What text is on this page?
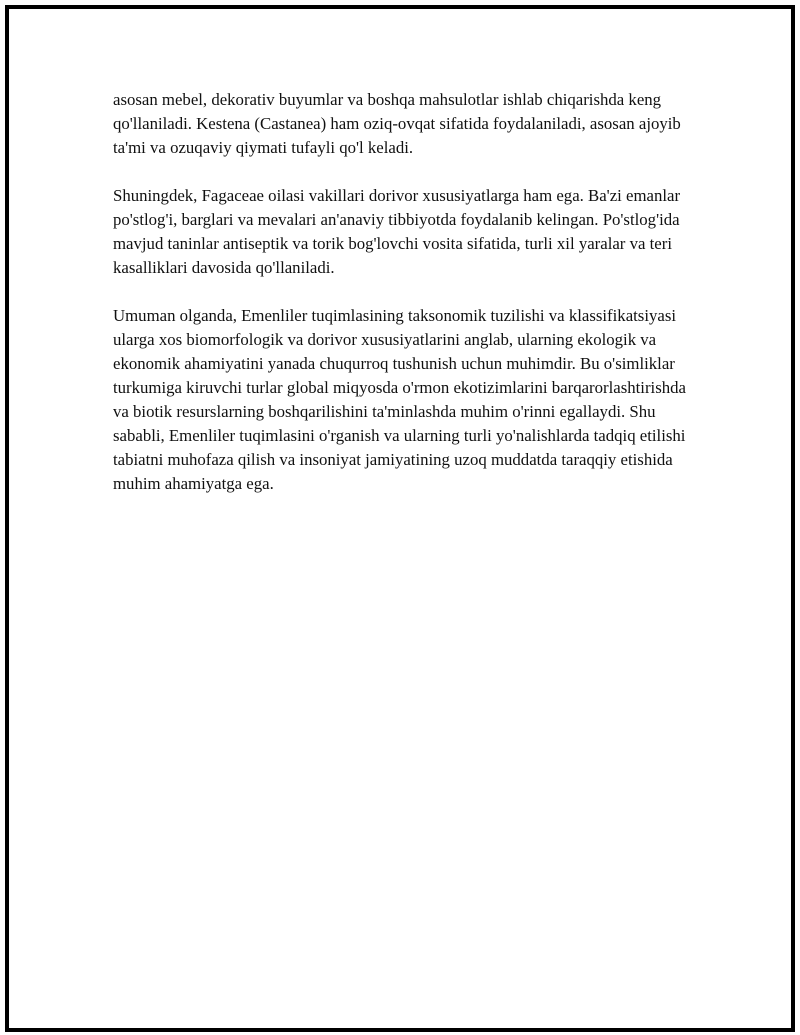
asosan mebel, dekorativ buyumlar va boshqa mahsulotlar ishlab chiqarishda keng qo'llaniladi. Kestena (Castanea) ham oziq-ovqat sifatida foydalaniladi, asosan ajoyib ta'mi va ozuqaviy qiymati tufayli qo'l keladi.

Shuningdek, Fagaceae oilasi vakillari dorivor xususiyatlarga ham ega. Ba'zi emanlar po'stlog'i, barglari va mevalari an'anaviy tibbiyotda foydalanib kelingan. Po'stlog'ida mavjud taninlar antiseptik va torik bog'lovchi vosita sifatida, turli xil yaralar va teri kasalliklari davosida qo'llaniladi.

Umuman olganda, Emenliler tuqimlasining taksonomik tuzilishi va klassifikatsiyasi ularga xos biomorfologik va dorivor xususiyatlarini anglab, ularning ekologik va ekonomik ahamiyatini yanada chuqurroq tushunish uchun muhimdir. Bu o'simliklar turkumiga kiruvchi turlar global miqyosda o'rmon ekotizimlarini barqarorlashtirishda va biotik resurslarning boshqarilishini ta'minlashda muhim o'rinni egallaydi. Shu sababli, Emenliler tuqimlasini o'rganish va ularning turli yo'nalishlarda tadqiq etilishi tabiatni muhofaza qilish va insoniyat jamiyatining uzoq muddatda taraqqiy etishida muhim ahamiyatga ega.
